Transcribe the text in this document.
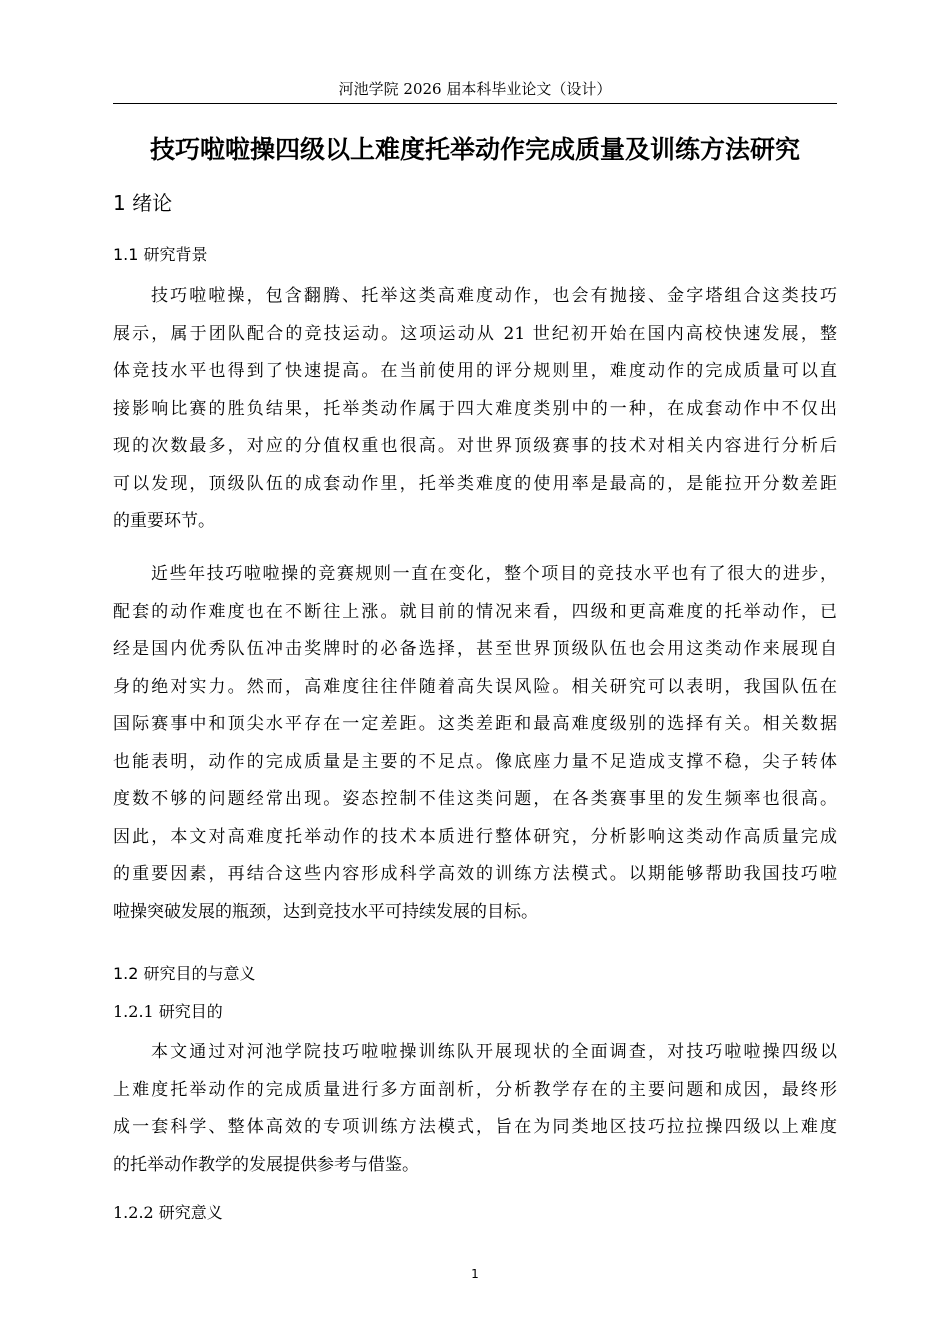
河池学院 2026 届本科毕业论文（设计）
技巧啦啦操四级以上难度托举动作完成质量及训练方法研究
1 绪论
1.1 研究背景
技巧啦啦操，包含翻腾、托举这类高难度动作，也会有抛接、金字塔组合这类技巧
展示，属于团队配合的竞技运动。这项运动从 21 世纪初开始在国内高校快速发展，整
体竞技水平也得到了快速提高。在当前使用的评分规则里，难度动作的完成质量可以直
接影响比赛的胜负结果，托举类动作属于四大难度类别中的一种，在成套动作中不仅出
现的次数最多，对应的分值权重也很高。对世界顶级赛事的技术对相关内容进行分析后
可以发现，顶级队伍的成套动作里，托举类难度的使用率是最高的，是能拉开分数差距
的重要环节。
近些年技巧啦啦操的竞赛规则一直在变化，整个项目的竞技水平也有了很大的进步，
配套的动作难度也在不断往上涨。就目前的情况来看，四级和更高难度的托举动作，已
经是国内优秀队伍冲击奖牌时的必备选择，甚至世界顶级队伍也会用这类动作来展现自
身的绝对实力。然而，高难度往往伴随着高失误风险。相关研究可以表明，我国队伍在
国际赛事中和顶尖水平存在一定差距。这类差距和最高难度级别的选择有关。相关数据
也能表明，动作的完成质量是主要的不足点。像底座力量不足造成支撑不稳，尖子转体
度数不够的问题经常出现。姿态控制不佳这类问题，在各类赛事里的发生频率也很高。
因此，本文对高难度托举动作的技术本质进行整体研究，分析影响这类动作高质量完成
的重要因素，再结合这些内容形成科学高效的训练方法模式。以期能够帮助我国技巧啦
啦操突破发展的瓶颈，达到竞技水平可持续发展的目标。
1.2 研究目的与意义
1.2.1 研究目的
本文通过对河池学院技巧啦啦操训练队开展现状的全面调查，对技巧啦啦操四级以
上难度托举动作的完成质量进行多方面剖析，分析教学存在的主要问题和成因，最终形
成一套科学、整体高效的专项训练方法模式，旨在为同类地区技巧拉拉操四级以上难度
的托举动作教学的发展提供参考与借鉴。
1.2.2 研究意义
1
